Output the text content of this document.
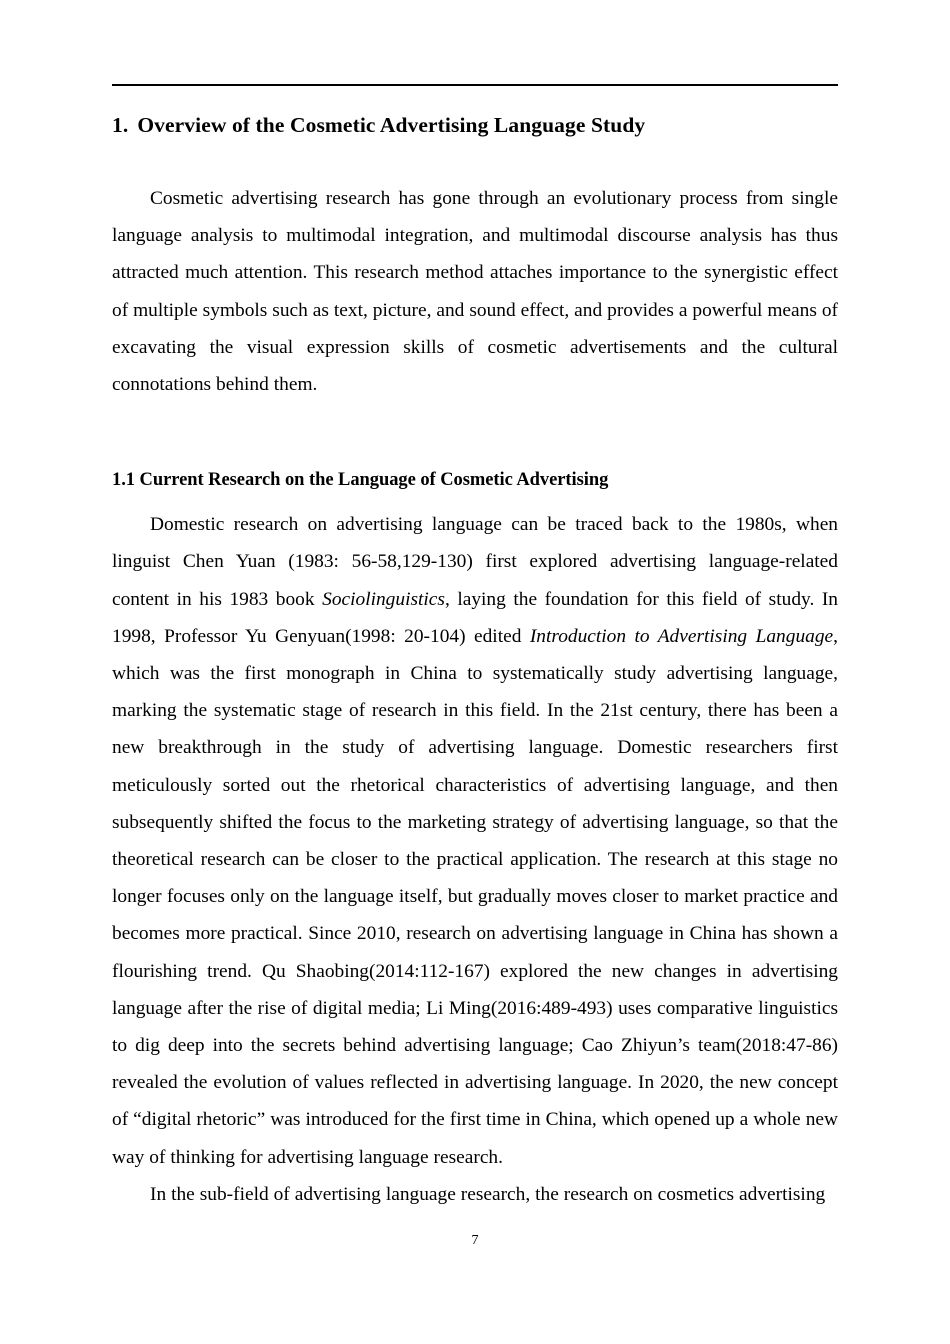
1. Overview of the Cosmetic Advertising Language Study

Cosmetic advertising research has gone through an evolutionary process from single language analysis to multimodal integration, and multimodal discourse analysis has thus attracted much attention. This research method attaches importance to the synergistic effect of multiple symbols such as text, picture, and sound effect, and provides a powerful means of excavating the visual expression skills of cosmetic advertisements and the cultural connotations behind them.

1.1 Current Research on the Language of Cosmetic Advertising

Domestic research on advertising language can be traced back to the 1980s, when linguist Chen Yuan (1983: 56-58,129-130) first explored advertising language-related content in his 1983 book Sociolinguistics, laying the foundation for this field of study. In 1998, Professor Yu Genyuan(1998: 20-104) edited Introduction to Advertising Language, which was the first monograph in China to systematically study advertising language, marking the systematic stage of research in this field. In the 21st century, there has been a new breakthrough in the study of advertising language. Domestic researchers first meticulously sorted out the rhetorical characteristics of advertising language, and then subsequently shifted the focus to the marketing strategy of advertising language, so that the theoretical research can be closer to the practical application. The research at this stage no longer focuses only on the language itself, but gradually moves closer to market practice and becomes more practical. Since 2010, research on advertising language in China has shown a flourishing trend. Qu Shaobing(2014:112-167) explored the new changes in advertising language after the rise of digital media; Li Ming(2016:489-493) uses comparative linguistics to dig deep into the secrets behind advertising language; Cao Zhiyun’s team(2018:47-86) revealed the evolution of values reflected in advertising language. In 2020, the new concept of “digital rhetoric” was introduced for the first time in China, which opened up a whole new way of thinking for advertising language research.

In the sub-field of advertising language research, the research on cosmetics advertising

7
